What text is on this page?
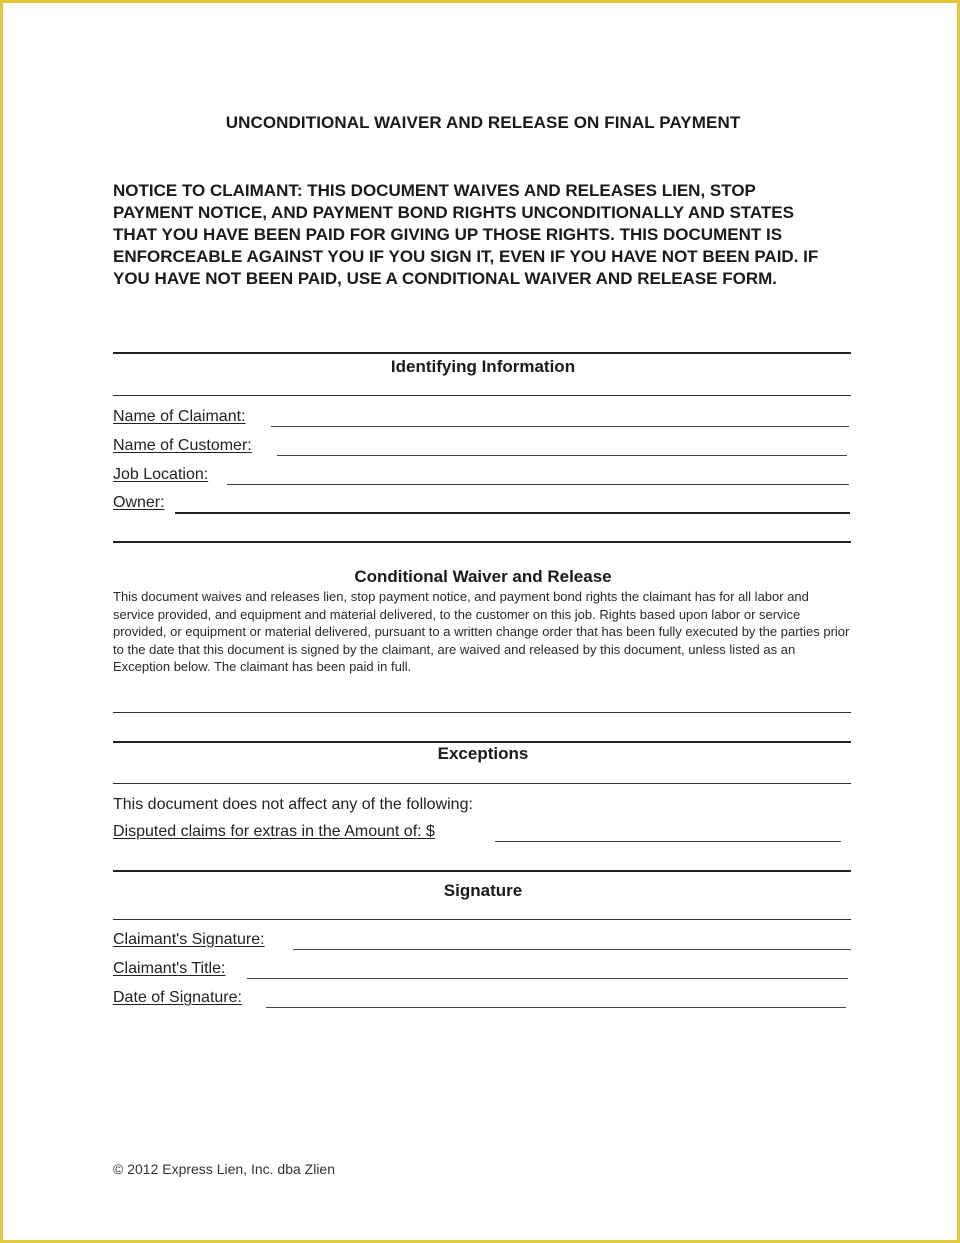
UNCONDITIONAL WAIVER AND RELEASE ON FINAL PAYMENT
NOTICE TO CLAIMANT: THIS DOCUMENT WAIVES AND RELEASES LIEN, STOP PAYMENT NOTICE, AND PAYMENT BOND RIGHTS UNCONDITIONALLY AND STATES THAT YOU HAVE BEEN PAID FOR GIVING UP THOSE RIGHTS. THIS DOCUMENT IS ENFORCEABLE AGAINST YOU IF YOU SIGN IT, EVEN IF YOU HAVE NOT BEEN PAID. IF YOU HAVE NOT BEEN PAID, USE A CONDITIONAL WAIVER AND RELEASE FORM.
Identifying Information
Name of Claimant:
Name of Customer:
Job Location:
Owner:
Conditional Waiver and Release
This document waives and releases lien, stop payment notice, and payment bond rights the claimant has for all labor and service provided, and equipment and material delivered, to the customer on this job. Rights based upon labor or service provided, or equipment or material delivered, pursuant to a written change order that has been fully executed by the parties prior to the date that this document is signed by the claimant, are waived and released by this document, unless listed as an Exception below. The claimant has been paid in full.
Exceptions
This document does not affect any of the following:
Disputed claims for extras in the Amount of: $
Signature
Claimant's Signature:
Claimant's Title:
Date of Signature:
© 2012 Express Lien, Inc. dba Zlien
